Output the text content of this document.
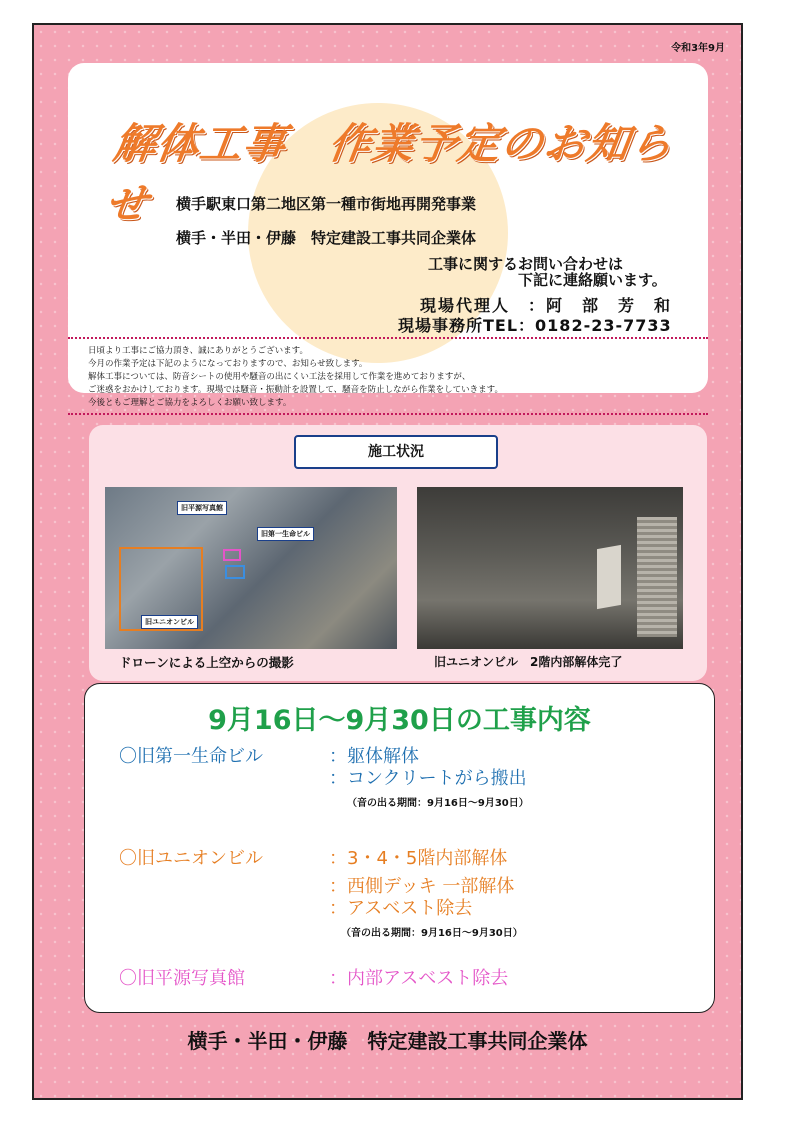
令和3年9月
解体工事　作業予定のお知らせ	横手駅東口第二地区第一種市街地再開発事業
横手・半田・伊藤　特定建設工事共同企業体
工事に関するお問い合わせは
下記に連絡願います。
現場代理人　：阿　部　芳　和
現場事務所TEL：0182-23-7733
日頃より工事にご協力頂き、誠にありがとうございます。
今月の作業予定は下記のようになっておりますので、お知らせ致します。
解体工事については、防音シートの使用や騒音の出にくい工法を採用して作業を進めておりますが、
ご迷惑をおかけしております。現場では騒音・振動計を設置して、騒音を防止しながら作業をしていきます。
今後ともご理解とご協力をよろしくお願い致します。
施工状況
旧平源写真館
旧第一生命ビル
旧ユニオンビル
ドローンによる上空からの撮影	旧ユニオンビル　2階内部解体完了
9月16日～9月30日の工事内容
〇旧第一生命ビル	：躯体解体
：コンクリートがら搬出
（音の出る期間：9月16日～9月30日）
〇旧ユニオンビル	：3・4・5階内部解体
：西側デッキ 一部解体
：アスベスト除去
（音の出る期間：9月16日～9月30日）
〇旧平源写真館	：内部アスベスト除去
横手・半田・伊藤　特定建設工事共同企業体
